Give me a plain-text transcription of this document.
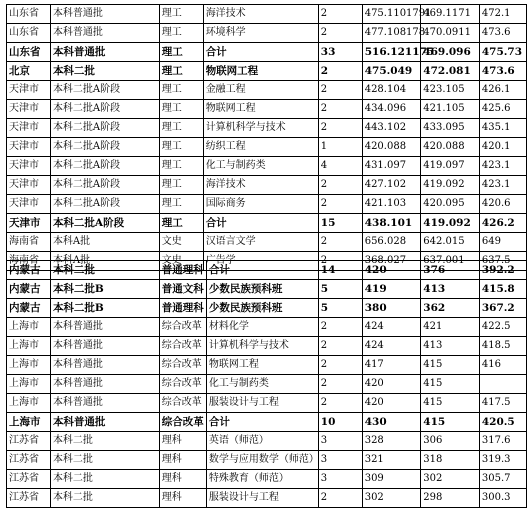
山东省	本科普通批	理工	海洋技术	2	475.1101791	469.1171	472.1
山东省	本科普通批	理工	环境科学	2	477.108178	470.0911	473.6
山东省	本科普通批	理工	合计	33	516.121175	469.096	475.73
北京	本科二批	理工	物联网工程	2	475.049	472.081	473.6
天津市	本科二批A阶段	理工	金融工程	2	428.104	423.105	426.1
天津市	本科二批A阶段	理工	物联网工程	2	434.096	421.105	425.6
天津市	本科二批A阶段	理工	计算机科学与技术	2	443.102	433.095	435.1
天津市	本科二批A阶段	理工	纺织工程	1	420.088	420.088	420.1
天津市	本科二批A阶段	理工	化工与制药类	4	431.097	419.097	423.1
天津市	本科二批A阶段	理工	海洋技术	2	427.102	419.092	423.1
天津市	本科二批A阶段	理工	国际商务	2	421.103	420.095	420.6
天津市	本科二批A阶段	理工	合计	15	438.101	419.092	426.2
海南省	本科A批	文史	汉语言文学	2	656.028	642.015	649
海南省	本科A批	文史	广告学	2	368.027	637.001	637.5
内蒙古	本科二批	普通理科	合计	14	420	376	392.2
内蒙古	本科二批B	普通文科	少数民族预科班	5	419	413	415.8
内蒙古	本科二批B	普通理科	少数民族预科班	5	380	362	367.2
上海市	本科普通批	综合改革	材料化学	2	424	421	422.5
上海市	本科普通批	综合改革	计算机科学与技术	2	424	413	418.5
上海市	本科普通批	综合改革	物联网工程	2	417	415	416
上海市	本科普通批	综合改革	化工与制药类	2	420	415	
上海市	本科普通批	综合改革	服装设计与工程	2	420	415	417.5
上海市	本科普通批	综合改革	合计	10	430	415	420.5
江苏省	本科二批	理科	英语（师范）	3	328	306	317.6
江苏省	本科二批	理科	数学与应用数学（师范）	3	321	318	319.3
江苏省	本科二批	理科	特殊教育（师范）	3	309	302	305.7
江苏省	本科二批	理科	服装设计与工程	2	302	298	300.3
